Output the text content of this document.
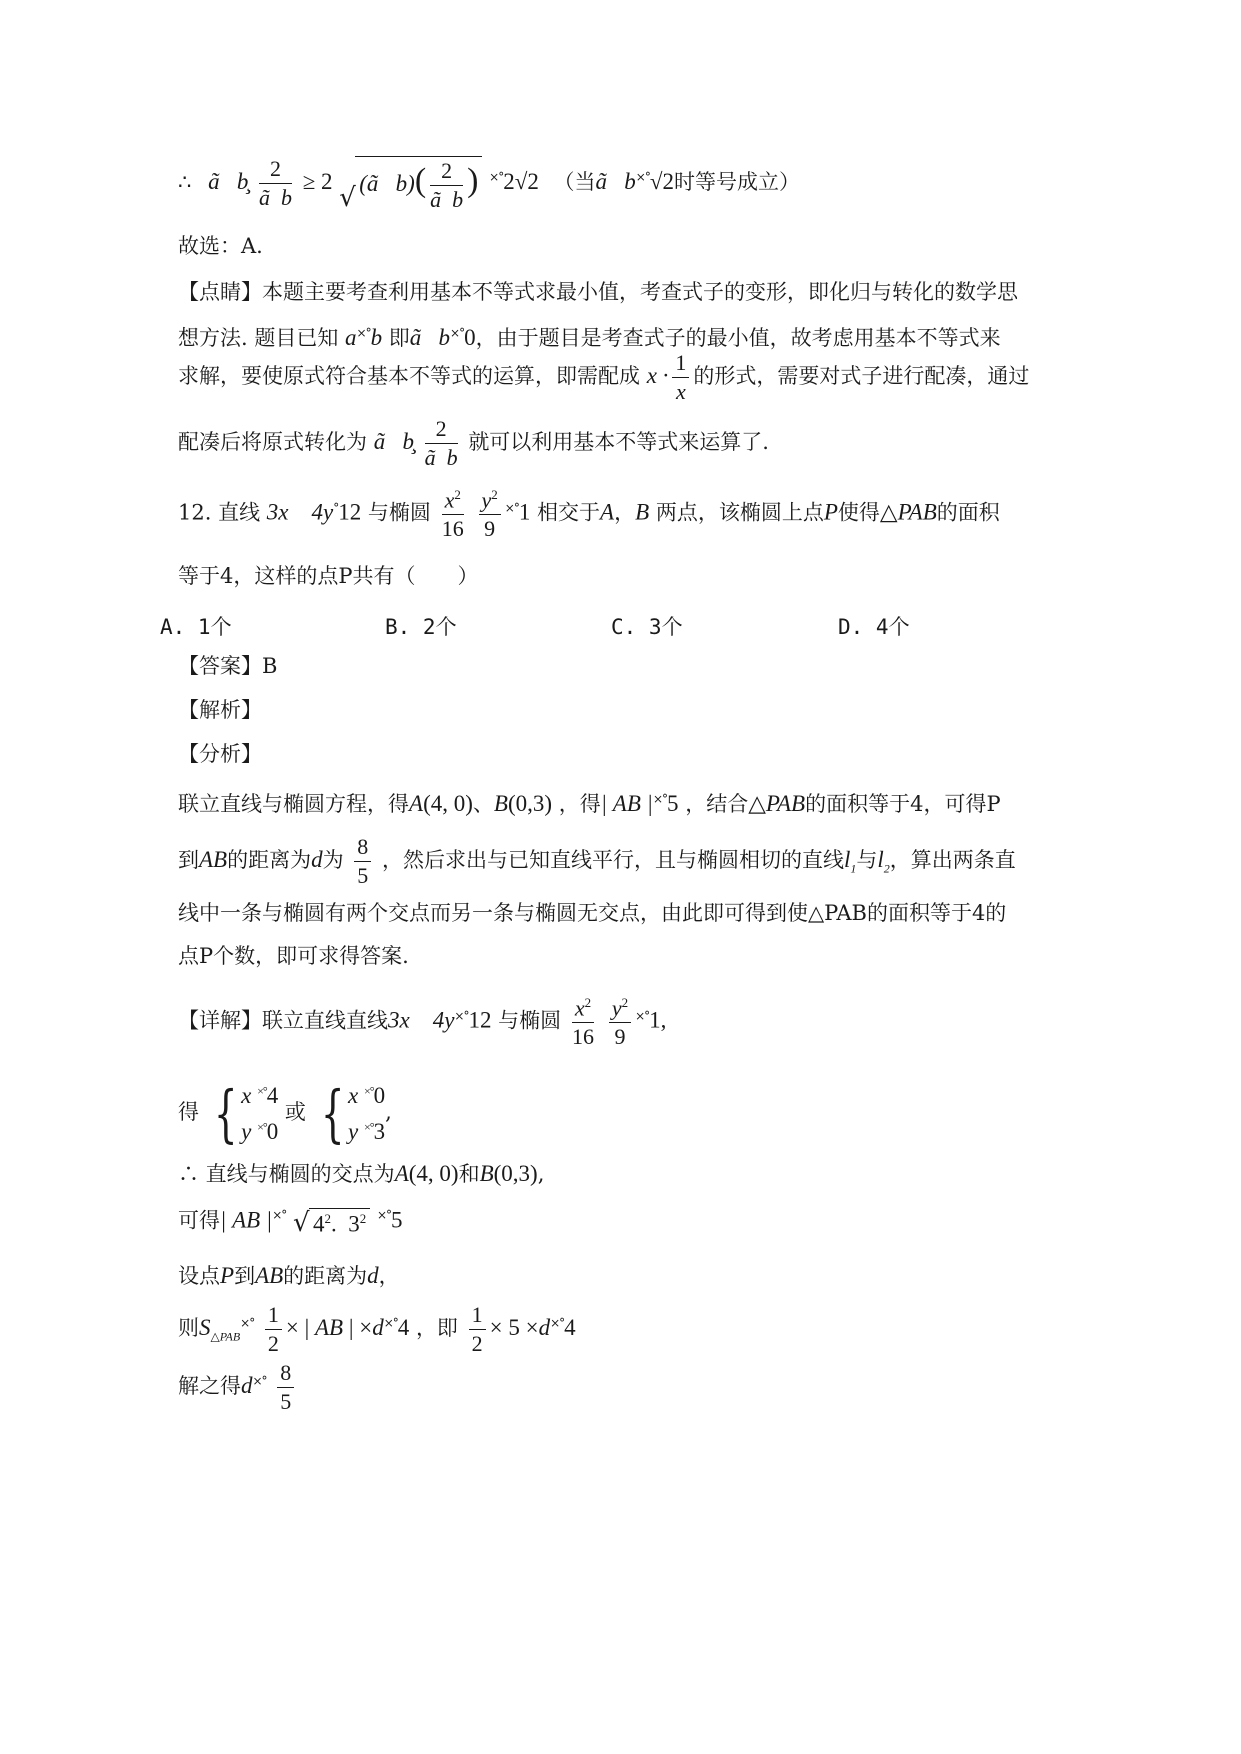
∴ ã   b̧ $\frac{2}{\text{ã  b}} \ge 2$
√ (ã   $b)( \frac{2}{\text{ã  b}}$ ) ×°2√2 （当ã   b×°√2时等号成立）
故选：A.
【点睛】本题主要考查利用基本不等式求最小值，考查式子的变形，即化归与转化的数学思
想方法. 题目已知 a×°b 即ã   b×°0，由于题目是考查式子的最小值，故考虑用基本不等式来
求解，要使原式符合基本不等式的运算，即需配成 $x \cdot \frac{1}{x}$ 的形式，需要对式子进行配凑，通过
配凑后将原式转化为 ã   b̧ $\frac{2}{\text{ã  b}}$ 就可以利用基本不等式来运算了.
12. 直线 3x    4y°12 与椭圆 $\frac{x^2}{16}$
$\frac{y^2}{9} ^{\times^\circ}1$ 相交于A，B 两点，该椭圆上点P使得△PAB的面积
等于4，这样的点P共有（　　）
A. 1个	B. 2个	C. 3个	D. 4个
【答案】B
【解析】
【分析】
联立直线与椭圆方程，得A(4, 0)、B(0,3) ，得| AB |×°5 ，结合△PAB的面积等于4，可得P
到AB的距离为d为 $\frac{8}{5}$ ，然后求出与已知直线平行，且与椭圆相切的直线$l_1$与$l_2$，算出两条直
线中一条与椭圆有两个交点而另一条与椭圆无交点，由此即可得到使△PAB的面积等于4的
点P个数，即可求得答案.
【详解】联立直线直线3x    4y×°12 与椭圆 $\frac{x^2}{16}$
$\frac{y^2}{9} ^{\times^\circ}1$,
得 { x ×°4
y ×°0 或 { x ×°0
y ×°3,
∴ 直线与椭圆的交点为A(4, 0)和B(0,3),
可得| AB |×° √ $4^2$.  $3^2$ ×°5
设点P到AB的距离为d，
则$S_{\triangle PAB}^{\times^\circ} \frac{1}{2}$ × | AB | ×d×°4 ，即 $\frac{1}{2} \times 5 \times d^{\times^\circ}4$
解之得$d^{\times^\circ} \frac{8}{5}$
